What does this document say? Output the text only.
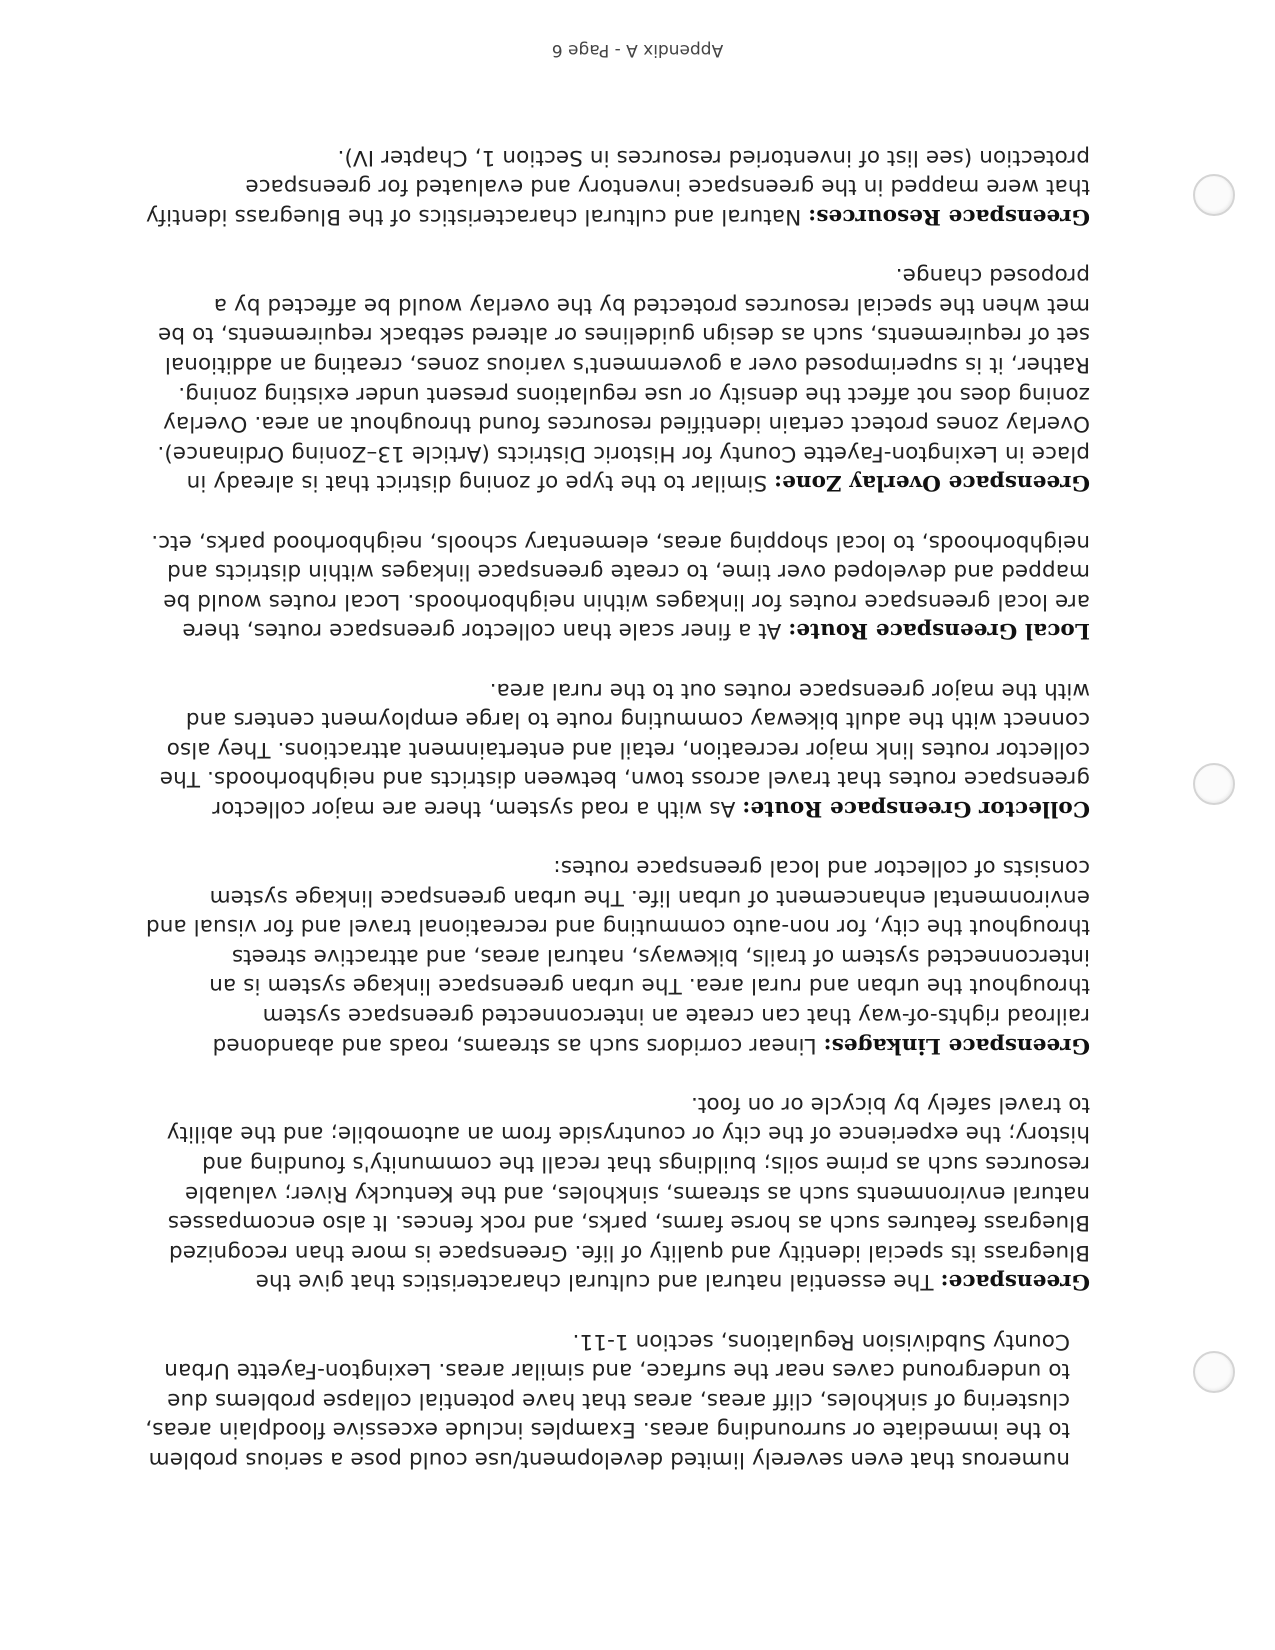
numerous that even severely limited development/use could pose a serious problem to the immediate or surrounding areas. Examples include excessive floodplain areas, clustering of sinkholes, cliff areas, areas that have potential collapse problems due to underground caves near the surface, and similar areas. Lexington-Fayette Urban County Subdivision Regulations, section 1-11.

Greenspace: The essential natural and cultural characteristics that give the Bluegrass its special identity and quality of life. Greenspace is more than recognized Bluegrass features such as horse farms, parks, and rock fences. It also encompasses natural environments such as streams, sinkholes, and the Kentucky River; valuable resources such as prime soils; buildings that recall the community's founding and history; the experience of the city or countryside from an automobile; and the ability to travel safely by bicycle or on foot.

Greenspace Linkages: Linear corridors such as streams, roads and abandoned railroad rights-of-way that can create an interconnected greenspace system throughout the urban and rural area. The urban greenspace linkage system is an interconnected system of trails, bikeways, natural areas, and attractive streets throughout the city, for non-auto commuting and recreational travel and for visual and environmental enhancement of urban life. The urban greenspace linkage system consists of collector and local greenspace routes:

Collector Greenspace Route: As with a road system, there are major collector greenspace routes that travel across town, between districts and neighborhoods. The collector routes link major recreation, retail and entertainment attractions. They also connect with the adult bikeway commuting route to large employment centers and with the major greenspace routes out to the rural area.

Local Greenspace Route: At a finer scale than collector greenspace routes, there are local greenspace routes for linkages within neighborhoods. Local routes would be mapped and developed over time, to create greenspace linkages within districts and neighborhoods, to local shopping areas, elementary schools, neighborhood parks, etc.

Greenspace Overlay Zone: Similar to the type of zoning district that is already in place in Lexington-Fayette County for Historic Districts (Article 13–Zoning Ordinance). Overlay zones protect certain identified resources found throughout an area. Overlay zoning does not affect the density or use regulations present under existing zoning. Rather, it is superimposed over a government's various zones, creating an additional set of requirements, such as design guidelines or altered setback requirements, to be met when the special resources protected by the overlay would be affected by a proposed change.

Greenspace Resources: Natural and cultural characteristics of the Bluegrass identify that were mapped in the greenspace inventory and evaluated for greenspace protection (see list of inventoried resources in Section 1, Chapter IV).

Appendix A - Page 6
